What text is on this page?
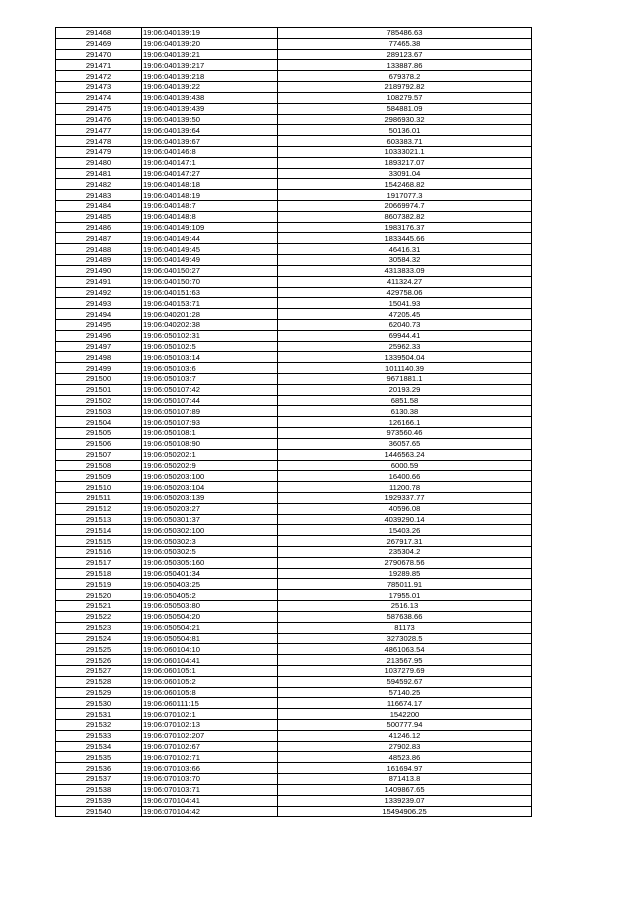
291468	19:06:040139:19	785486.63
291469	19:06:040139:20	77465.38
291470	19:06:040139:21	289123.67
291471	19:06:040139:217	133887.86
291472	19:06:040139:218	679378.2
291473	19:06:040139:22	2189792.82
291474	19:06:040139:438	108279.57
291475	19:06:040139:439	584881.09
291476	19:06:040139:50	2986930.32
291477	19:06:040139:64	50136.01
291478	19:06:040139:67	603383.71
291479	19:06:040146:8	10333021.1
291480	19:06:040147:1	1893217.07
291481	19:06:040147:27	33091.04
291482	19:06:040148:18	1542468.82
291483	19:06:040148:19	1917077.3
291484	19:06:040148:7	20669974.7
291485	19:06:040148:8	8607382.82
291486	19:06:040149:109	1983176.37
291487	19:06:040149:44	1833445.66
291488	19:06:040149:45	46416.31
291489	19:06:040149:49	30584.32
291490	19:06:040150:27	4313833.09
291491	19:06:040150:70	411324.27
291492	19:06:040151:63	429758.06
291493	19:06:040153:71	15041.93
291494	19:06:040201:28	47205.45
291495	19:06:040202:38	62040.73
291496	19:06:050102:31	69944.41
291497	19:06:050102:5	25962.33
291498	19:06:050103:14	1339504.04
291499	19:06:050103:6	1011140.39
291500	19:06:050103:7	9671881.1
291501	19:06:050107:42	20193.29
291502	19:06:050107:44	6851.58
291503	19:06:050107:89	6130.38
291504	19:06:050107:93	126166.1
291505	19:06:050108:1	973560.46
291506	19:06:050108:90	36057.65
291507	19:06:050202:1	1446563.24
291508	19:06:050202:9	6000.59
291509	19:06:050203:100	16400.66
291510	19:06:050203:104	11200.78
291511	19:06:050203:139	1929337.77
291512	19:06:050203:27	40596.08
291513	19:06:050301:37	4039290.14
291514	19:06:050302:100	15403.26
291515	19:06:050302:3	267917.31
291516	19:06:050302:5	235304.2
291517	19:06:050305:160	2790678.56
291518	19:06:050401:34	19289.85
291519	19:06:050403:25	785011.91
291520	19:06:050405:2	17955.01
291521	19:06:050503:80	2516.13
291522	19:06:050504:20	587638.66
291523	19:06:050504:21	81173
291524	19:06:050504:81	3273028.5
291525	19:06:060104:10	4861063.54
291526	19:06:060104:41	213567.95
291527	19:06:060105:1	1037279.69
291528	19:06:060105:2	594592.67
291529	19:06:060105:8	57140.25
291530	19:06:060111:15	116674.17
291531	19:06:070102:1	1542200
291532	19:06:070102:13	500777.94
291533	19:06:070102:207	41246.12
291534	19:06:070102:67	27902.83
291535	19:06:070102:71	48523.86
291536	19:06:070103:66	161694.97
291537	19:06:070103:70	871413.8
291538	19:06:070103:71	1409867.65
291539	19:06:070104:41	1339239.07
291540	19:06:070104:42	15494906.25
